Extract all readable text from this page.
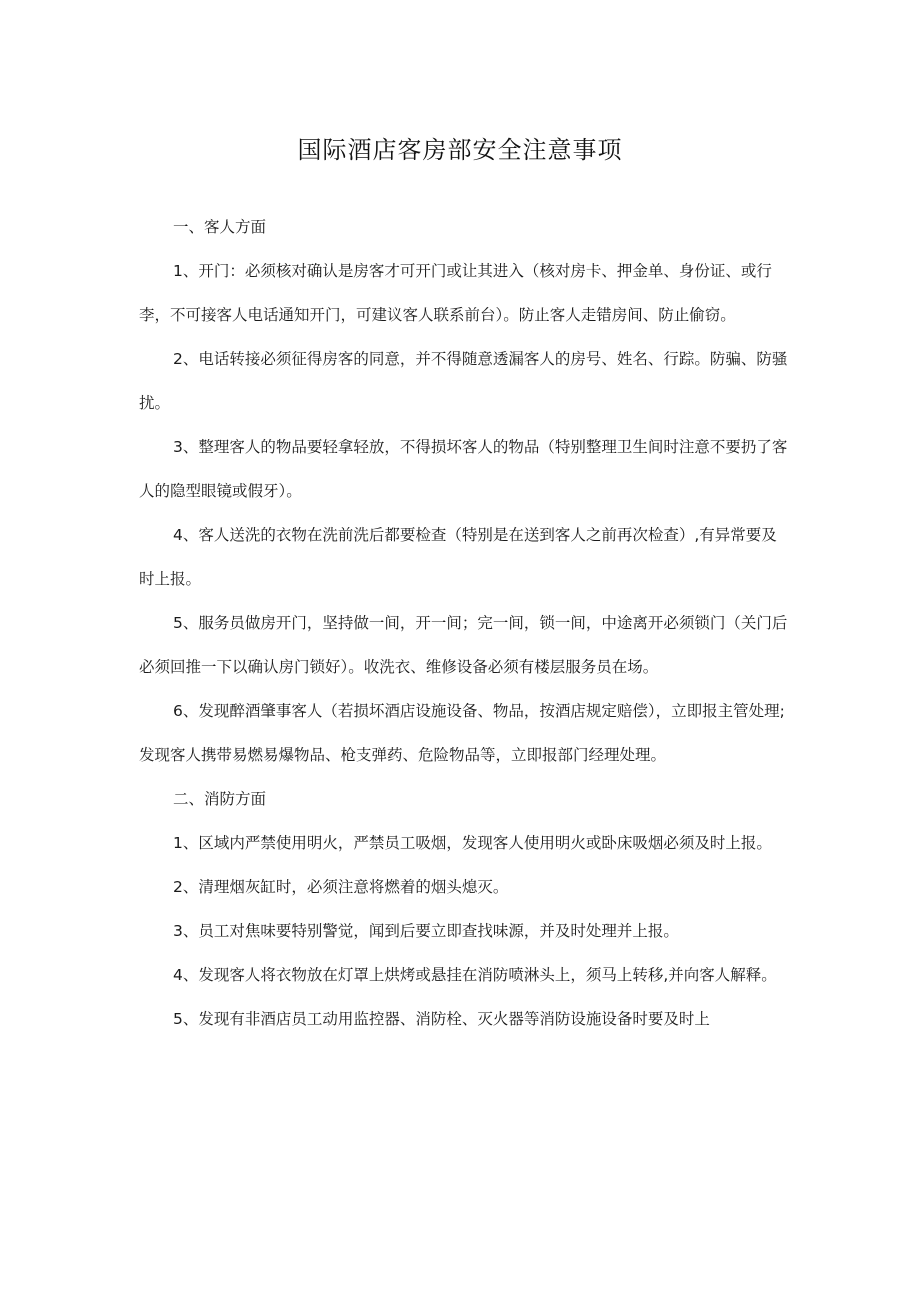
国际酒店客房部安全注意事项

一、客人方面

1、开门：必须核对确认是房客才可开门或让其进入（核对房卡、押金单、身份证、或行李，不可接客人电话通知开门，可建议客人联系前台）。防止客人走错房间、防止偷窃。

2、电话转接必须征得房客的同意，并不得随意透漏客人的房号、姓名、行踪。防骗、防骚扰。

3、整理客人的物品要轻拿轻放，不得损坏客人的物品（特别整理卫生间时注意不要扔了客人的隐型眼镜或假牙）。

4、客人送洗的衣物在洗前洗后都要检查（特别是在送到客人之前再次检查）,有异常要及时上报。

5、服务员做房开门，坚持做一间，开一间；完一间，锁一间，中途离开必须锁门（关门后必须回推一下以确认房门锁好）。收洗衣、维修设备必须有楼层服务员在场。

6、发现醉酒肇事客人（若损坏酒店设施设备、物品，按酒店规定赔偿），立即报主管处理;发现客人携带易燃易爆物品、枪支弹药、危险物品等，立即报部门经理处理。

二、消防方面

1、区域内严禁使用明火，严禁员工吸烟，发现客人使用明火或卧床吸烟必须及时上报。

2、清理烟灰缸时，必须注意将燃着的烟头熄灭。

3、员工对焦味要特别警觉，闻到后要立即查找味源，并及时处理并上报。

4、发现客人将衣物放在灯罩上烘烤或悬挂在消防喷淋头上，须马上转移,并向客人解释。

5、发现有非酒店员工动用监控器、消防栓、灭火器等消防设施设备时要及时上
